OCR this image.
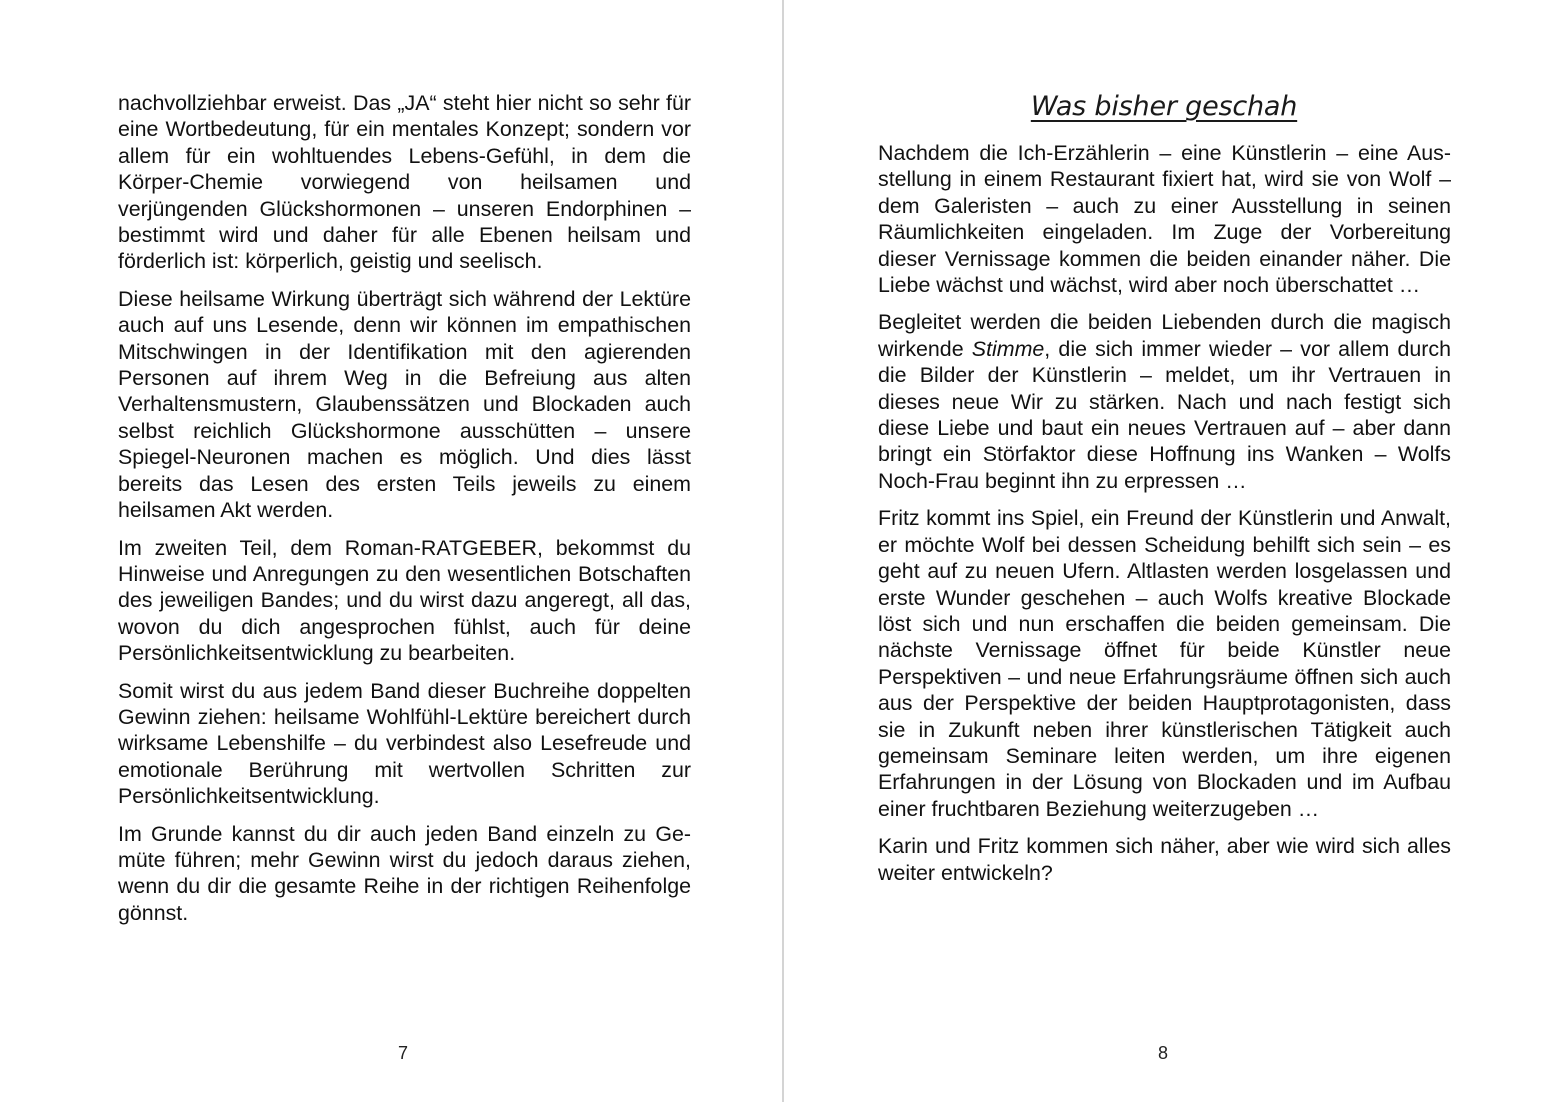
nachvollziehbar erweist. Das „JA“ steht hier nicht so sehr für eine Wortbedeutung, für ein mentales Konzept; sondern vor allem für ein wohltuendes Lebens-Gefühl, in dem die Körper-Chemie vorwiegend von heilsamen und verjüngenden Glückshormonen – unseren Endorphinen – bestimmt wird und daher für alle Ebenen heilsam und förderlich ist: körperlich, geistig und seelisch.

Diese heilsame Wirkung überträgt sich während der Lektüre auch auf uns Lesende, denn wir können im empathischen Mitschwingen in der Identifikation mit den agierenden Personen auf ihrem Weg in die Befreiung aus alten Verhaltensmustern, Glaubenssätzen und Blockaden auch selbst reichlich Glückshormone ausschütten – unsere Spiegel-Neuronen machen es möglich. Und dies lässt bereits das Lesen des ersten Teils jeweils zu einem heilsamen Akt werden.

Im zweiten Teil, dem Roman-RATGEBER, bekommst du Hinweise und Anregungen zu den wesentlichen Botschaften des jeweiligen Bandes; und du wirst dazu angeregt, all das, wovon du dich angesprochen fühlst, auch für deine Persönlichkeitsentwicklung zu bearbeiten.

Somit wirst du aus jedem Band dieser Buchreihe doppelten Gewinn ziehen: heilsame Wohlfühl-Lektüre bereichert durch wirksame Lebenshilfe – du verbindest also Lesefreude und emotionale Berührung mit wertvollen Schritten zur Persönlichkeitsentwicklung.

Im Grunde kannst du dir auch jeden Band einzeln zu Gemüte führen; mehr Gewinn wirst du jedoch daraus ziehen, wenn du dir die gesamte Reihe in der richtigen Reihenfolge gönnst.

7
Was bisher geschah

Nachdem die Ich-Erzählerin – eine Künstlerin – eine Ausstellung in einem Restaurant fixiert hat, wird sie von Wolf – dem Galeristen – auch zu einer Ausstellung in seinen Räumlichkeiten eingeladen. Im Zuge der Vorbereitung dieser Vernissage kommen die beiden einander näher. Die Liebe wächst und wächst, wird aber noch überschattet …

Begleitet werden die beiden Liebenden durch die magisch wirkende Stimme, die sich immer wieder – vor allem durch die Bilder der Künstlerin – meldet, um ihr Vertrauen in dieses neue Wir zu stärken. Nach und nach festigt sich diese Liebe und baut ein neues Vertrauen auf – aber dann bringt ein Störfaktor diese Hoffnung ins Wanken – Wolfs Noch-Frau beginnt ihn zu erpressen …

Fritz kommt ins Spiel, ein Freund der Künstlerin und Anwalt, er möchte Wolf bei dessen Scheidung behilft sich sein – es geht auf zu neuen Ufern. Altlasten werden losgelassen und erste Wunder geschehen – auch Wolfs kreative Blockade löst sich und nun erschaffen die beiden gemeinsam. Die nächste Vernissage öffnet für beide Künstler neue Perspektiven – und neue Erfahrungsräume öffnen sich auch aus der Perspektive der beiden Hauptprotagonisten, dass sie in Zukunft neben ihrer künstlerischen Tätigkeit auch gemeinsam Seminare leiten werden, um ihre eigenen Erfahrungen in der Lösung von Blockaden und im Aufbau einer fruchtbaren Beziehung weiterzugeben …

Karin und Fritz kommen sich näher, aber wie wird sich alles weiter entwickeln?

8
